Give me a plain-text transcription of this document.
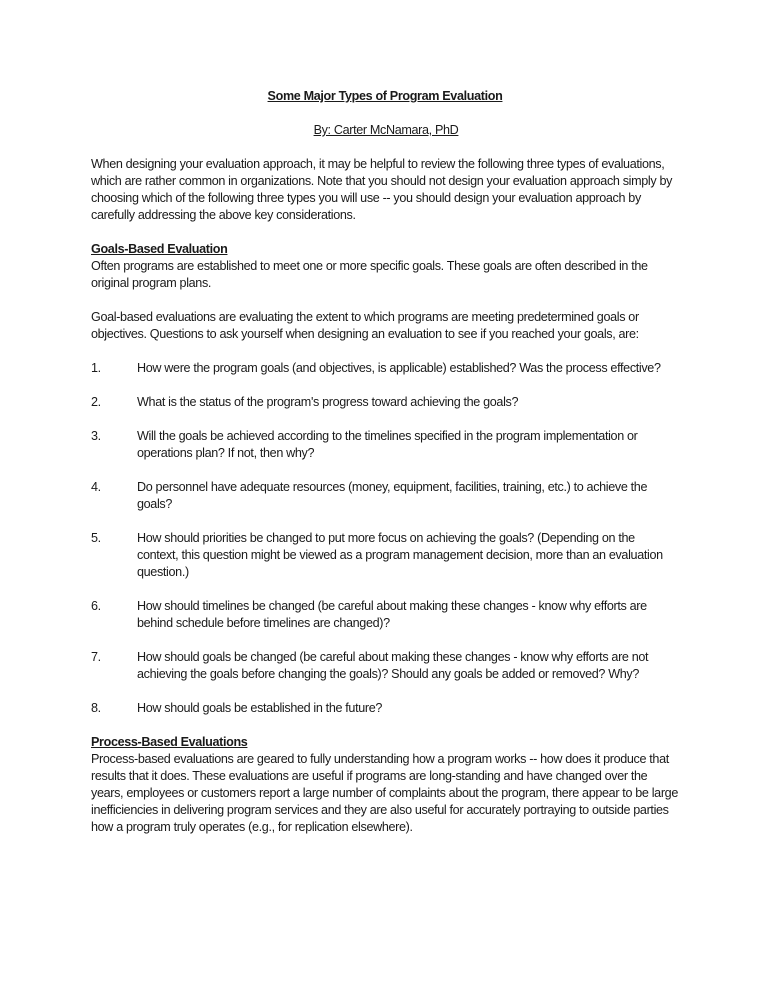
Some Major Types of Program Evaluation
By: Carter McNamara, PhD

When designing your evaluation approach, it may be helpful to review the following three types of evaluations, which are rather common in organizations. Note that you should not design your evaluation approach simply by choosing which of the following three types you will use -- you should design your evaluation approach by carefully addressing the above key considerations.

Goals-Based Evaluation

Often programs are established to meet one or more specific goals. These goals are often described in the original program plans.

Goal-based evaluations are evaluating the extent to which programs are meeting predetermined goals or objectives. Questions to ask yourself when designing an evaluation to see if you reached your goals, are:

1.	How were the program goals (and objectives, is applicable) established? Was the process effective?
2.	What is the status of the program's progress toward achieving the goals?
3.	Will the goals be achieved according to the timelines specified in the program implementation or operations plan? If not, then why?
4.	Do personnel have adequate resources (money, equipment, facilities, training, etc.) to achieve the goals?
5.	How should priorities be changed to put more focus on achieving the goals? (Depending on the context, this question might be viewed as a program management decision, more than an evaluation question.)
6.	How should timelines be changed (be careful about making these changes - know why efforts are behind schedule before timelines are changed)?
7.	How should goals be changed (be careful about making these changes - know why efforts are not achieving the goals before changing the goals)? Should any goals be added or removed? Why?
8.	How should goals be established in the future?
Process-Based Evaluations

Process-based evaluations are geared to fully understanding how a program works -- how does it produce that results that it does. These evaluations are useful if programs are long-standing and have changed over the years, employees or customers report a large number of complaints about the program, there appear to be large inefficiencies in delivering program services and they are also useful for accurately portraying to outside parties how a program truly operates (e.g., for replication elsewhere).
